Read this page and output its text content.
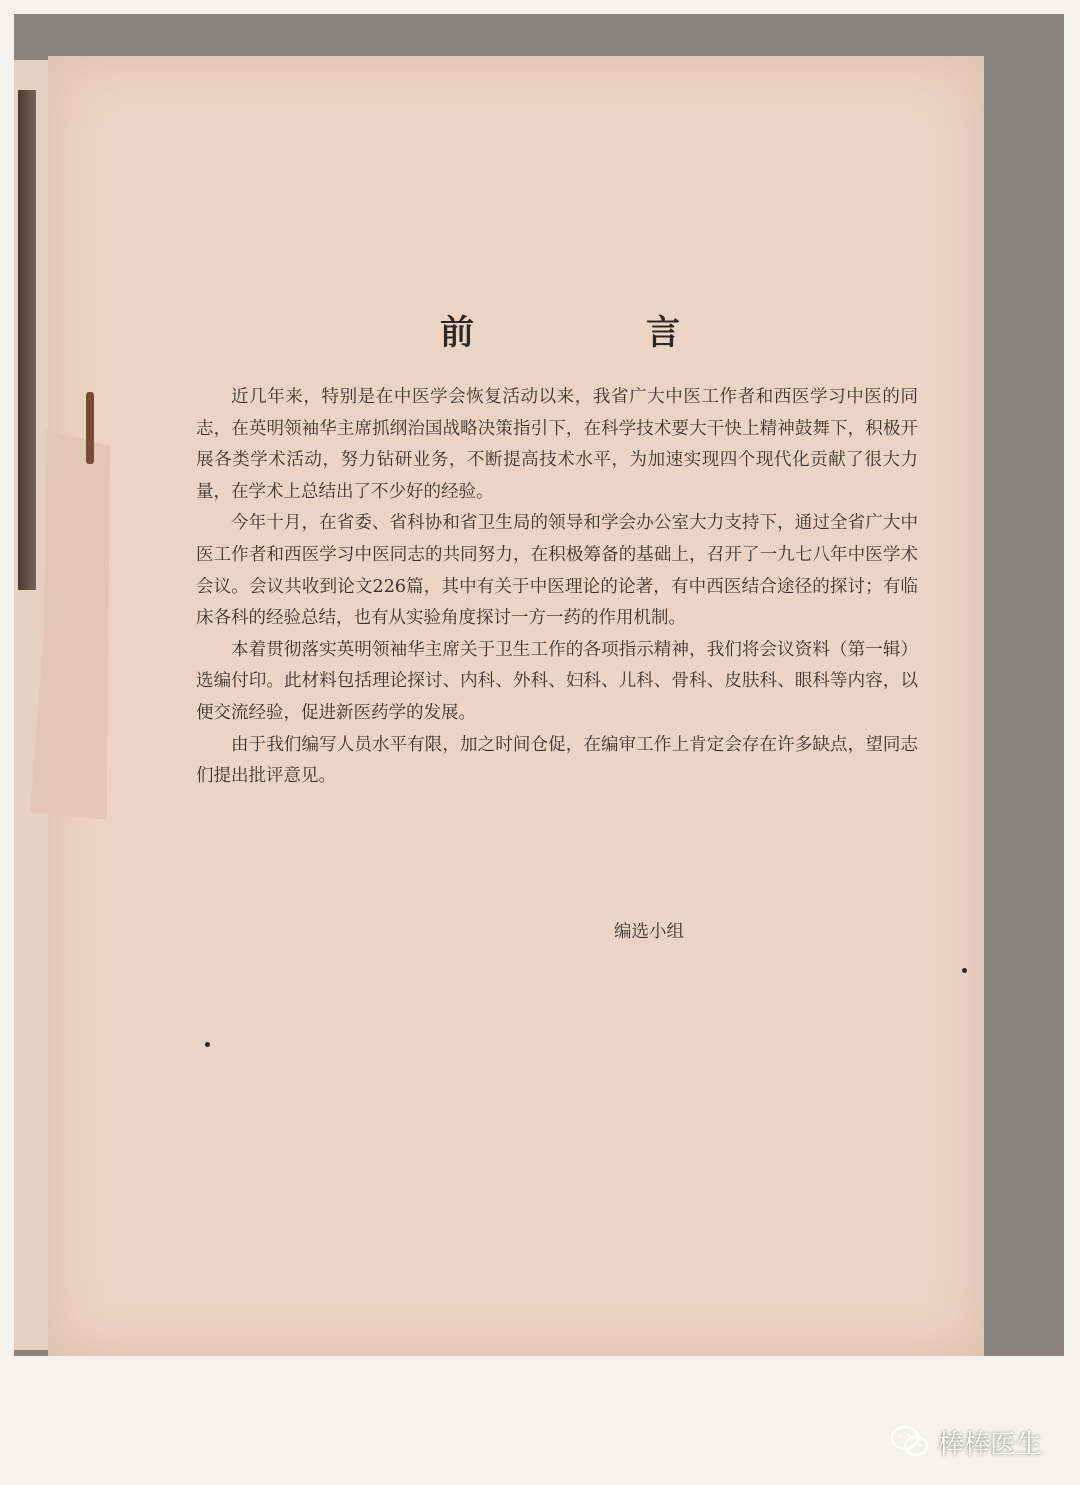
前	言

近几年来，特别是在中医学会恢复活动以来，我省广大中医工作者和西医学习中医的同志，在英明领袖华主席抓纲治国战略决策指引下，在科学技术要大干快上精神鼓舞下，积极开展各类学术活动，努力钻研业务，不断提高技术水平，为加速实现四个现代化贡献了很大力量，在学术上总结出了不少好的经验。

今年十月，在省委、省科协和省卫生局的领导和学会办公室大力支持下，通过全省广大中医工作者和西医学习中医同志的共同努力，在积极筹备的基础上，召开了一九七八年中医学术会议。会议共收到论文226篇，其中有关于中医理论的论著，有中西医结合途径的探讨；有临床各科的经验总结，也有从实验角度探讨一方一药的作用机制。

本着贯彻落实英明领袖华主席关于卫生工作的各项指示精神，我们将会议资料（第一辑）选编付印。此材料包括理论探讨、内科、外科、妇科、儿科、骨科、皮肤科、眼科等内容，以便交流经验，促进新医药学的发展。

由于我们编写人员水平有限，加之时间仓促，在编审工作上肯定会存在许多缺点，望同志们提出批评意见。

编选小组
棒棒医生
